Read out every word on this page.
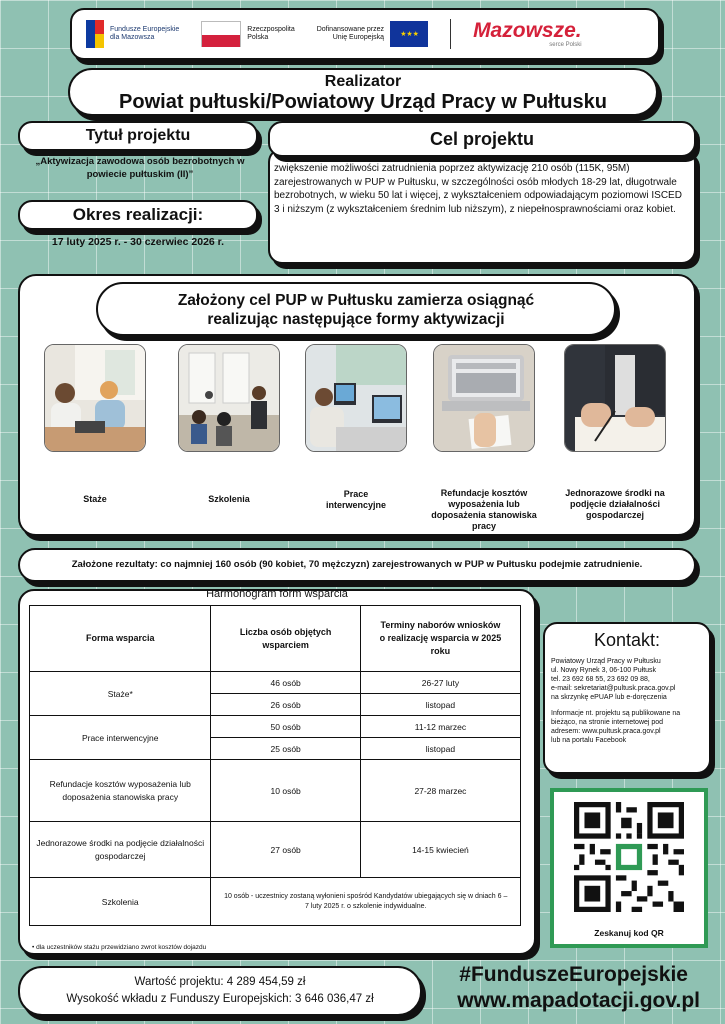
Fundusze Europejskie
dla Mazowsza
Rzeczpospolita
Polska
Dofinansowane przez
Unię Europejską	★ ★ ★	Mazowsze.
serce Polski
Realizator
Powiat pułtuski/Powiatowy Urząd Pracy w Pułtusku
Tytuł projektu
„Aktywizacja zawodowa osób bezrobotnych w powiecie pułtuskim (II)”
Okres realizacji:
17 luty 2025 r. - 30 czerwiec 2026 r.
Cel projektu
zwiększenie możliwości zatrudnienia poprzez aktywizację 210 osób (115K, 95M) zarejestrowanych w PUP w Pułtusku, w szczególności osób młodych 18-29 lat, długotrwale bezrobotnych, w wieku 50 lat i więcej, z wykształceniem odpowiadającym poziomowi ISCED 3 i niższym (z wykształceniem średnim lub niższym), z niepełnosprawnościami oraz kobiet.
Założony cel PUP w Pułtusku zamierza osiągnąć
realizując następujące formy aktywizacji
Staże	Szkolenia	Prace interwencyjne
Refundacje kosztów wyposażenia lub doposażenia stanowiska pracy
Jednorazowe środki na podjęcie działalności gospodarczej
Założone rezultaty: co najmniej 160 osób (90 kobiet, 70 mężczyzn) zarejestrowanych w PUP w Pułtusku podejmie zatrudnienie.
Harmonogram form wsparcia
Forma wsparcia	Liczba osób objętych wsparciem	Terminy naborów wniosków o realizację wsparcia w 2025 roku
Staże*	46 osób	26-27 luty
	26 osób	listopad
Prace interwencyjne	50 osób	11-12 marzec
	25 osób	listopad
Refundacje kosztów wyposażenia lub doposażenia stanowiska pracy	10 osób	27-28 marzec
Jednorazowe środki na podjęcie działalności gospodarczej	27 osób	14-15 kwiecień
Szkolenia	10 osób - uczestnicy zostaną wyłonieni spośród Kandydatów ubiegających się w dniach 6 – 7 luty 2025 r. o szkolenie indywidualne.	
• dla uczestników stażu przewidziano zwrot kosztów dojazdu
Kontakt:
Powiatowy Urząd Pracy w Pułtusku
ul. Nowy Rynek 3, 06-100 Pułtusk
tel. 23 692 68 55, 23 692 09 88,
e-mail: sekretariat@pultusk.praca.gov.pl
na skrzynkę ePUAP lub e-doręczenia
Informacje nt. projektu są publikowane na
bieżąco, na stronie internetowej pod
adresem: www.pultusk.praca.gov.pl
lub na portalu Facebook
Zeskanuj kod QR
Wartość projektu: 4 289 454,59 zł
Wysokość wkładu z Funduszy Europejskich: 3 646 036,47 zł
#FunduszeEuropejskie
www.mapadotacji.gov.pl
